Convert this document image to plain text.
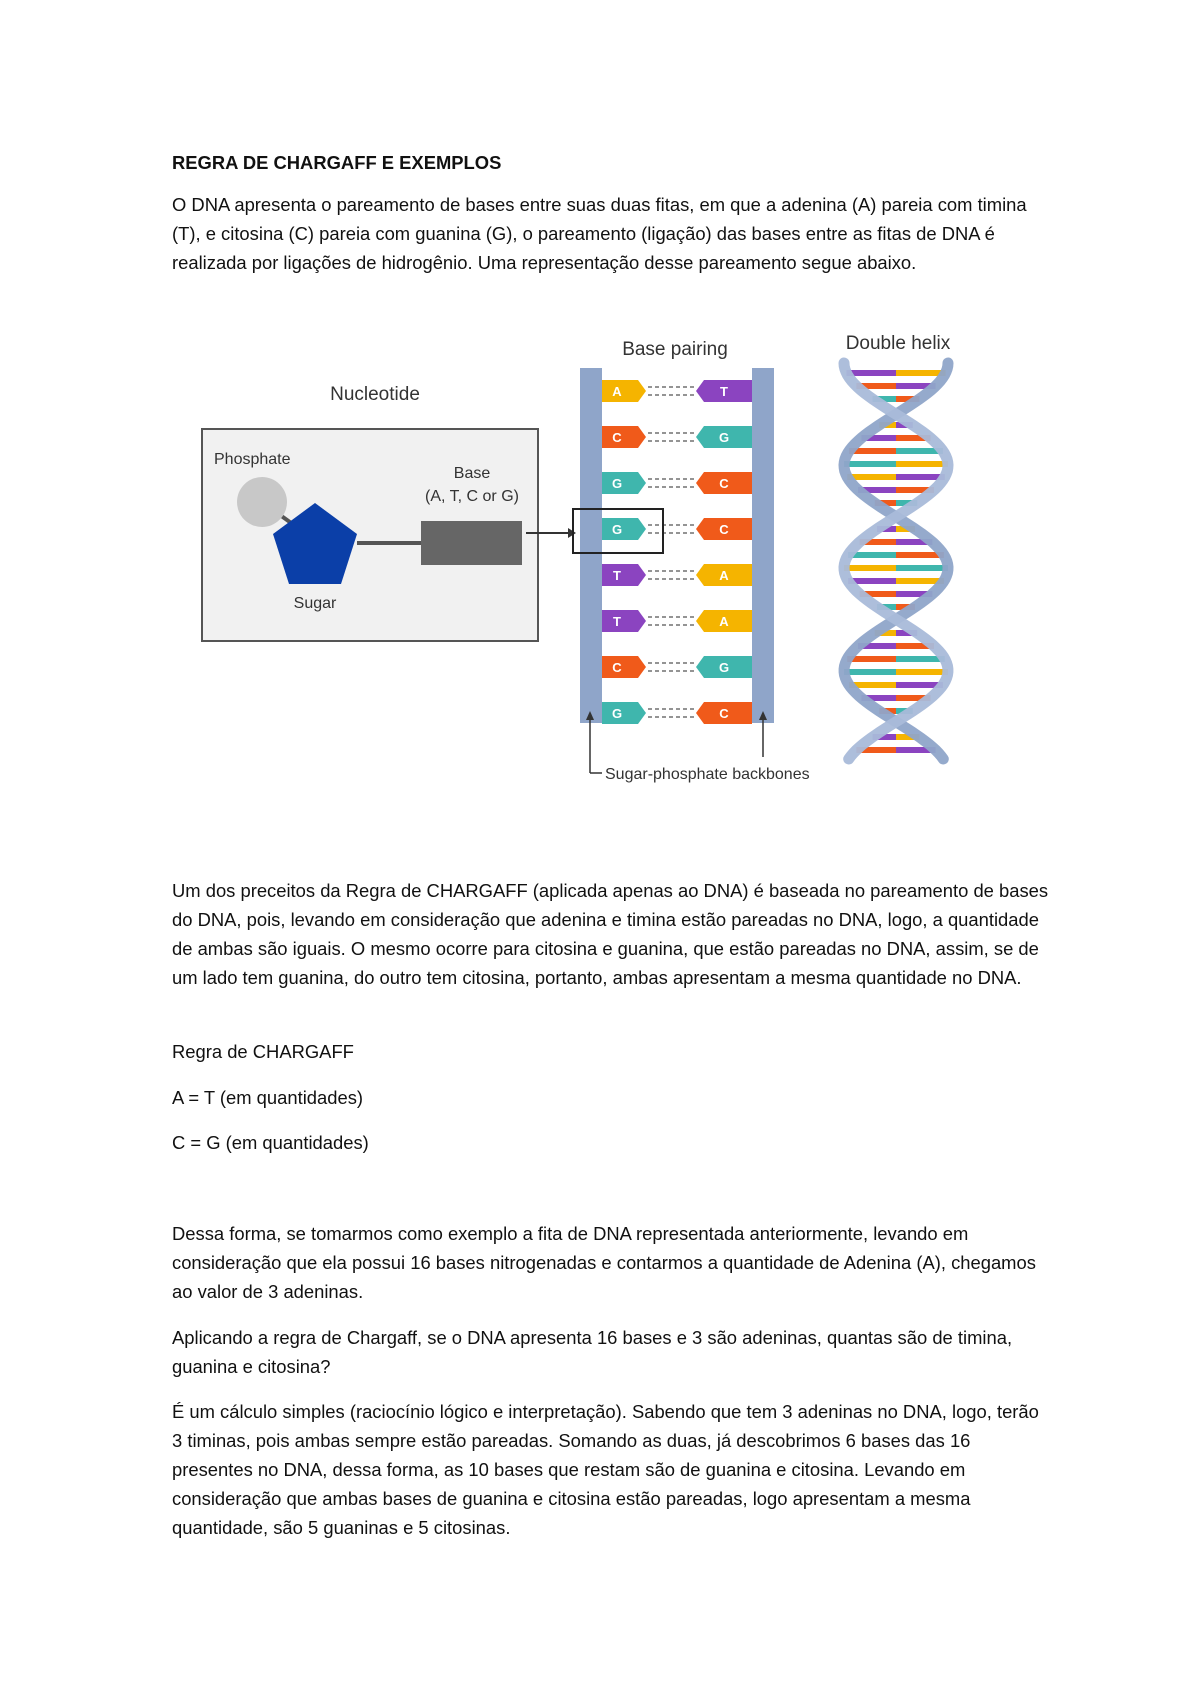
REGRA DE CHARGAFF E EXEMPLOS

O DNA apresenta o pareamento de bases entre suas duas fitas, em que a adenina (A) pareia com timina (T), e citosina (C) pareia com guanina (G), o pareamento (ligação) das bases entre as fitas de DNA é realizada por ligações de hidrogênio. Uma representação desse pareamento segue abaixo.

Nucleotide
Phosphate
Base
(A, T, C or G)
Sugar
Base pairing
A	T
C	G
G	C
G	C
T	A
T	A
C	G
G	C
Sugar-phosphate backbones
Double helix

Um dos preceitos da Regra de CHARGAFF (aplicada apenas ao DNA) é baseada no pareamento de bases do DNA, pois, levando em consideração que adenina e timina estão pareadas no DNA, logo, a quantidade de ambas são iguais. O mesmo ocorre para citosina e guanina, que estão pareadas no DNA, assim, se de um lado tem guanina, do outro tem citosina, portanto, ambas apresentam a mesma quantidade no DNA.

Regra de CHARGAFF

A = T (em quantidades)

C = G (em quantidades)

Dessa forma, se tomarmos como exemplo a fita de DNA representada anteriormente, levando em consideração que ela possui 16 bases nitrogenadas e contarmos a quantidade de Adenina (A), chegamos ao valor de 3 adeninas.

Aplicando a regra de Chargaff, se o DNA apresenta 16 bases e 3 são adeninas, quantas são de timina, guanina e citosina?

É um cálculo simples (raciocínio lógico e interpretação). Sabendo que tem 3 adeninas no DNA, logo, terão 3 timinas, pois ambas sempre estão pareadas. Somando as duas, já descobrimos 6 bases das 16 presentes no DNA, dessa forma, as 10 bases que restam são de guanina e citosina. Levando em consideração que ambas bases de guanina e citosina estão pareadas, logo apresentam a mesma quantidade, são 5 guaninas e 5 citosinas.
